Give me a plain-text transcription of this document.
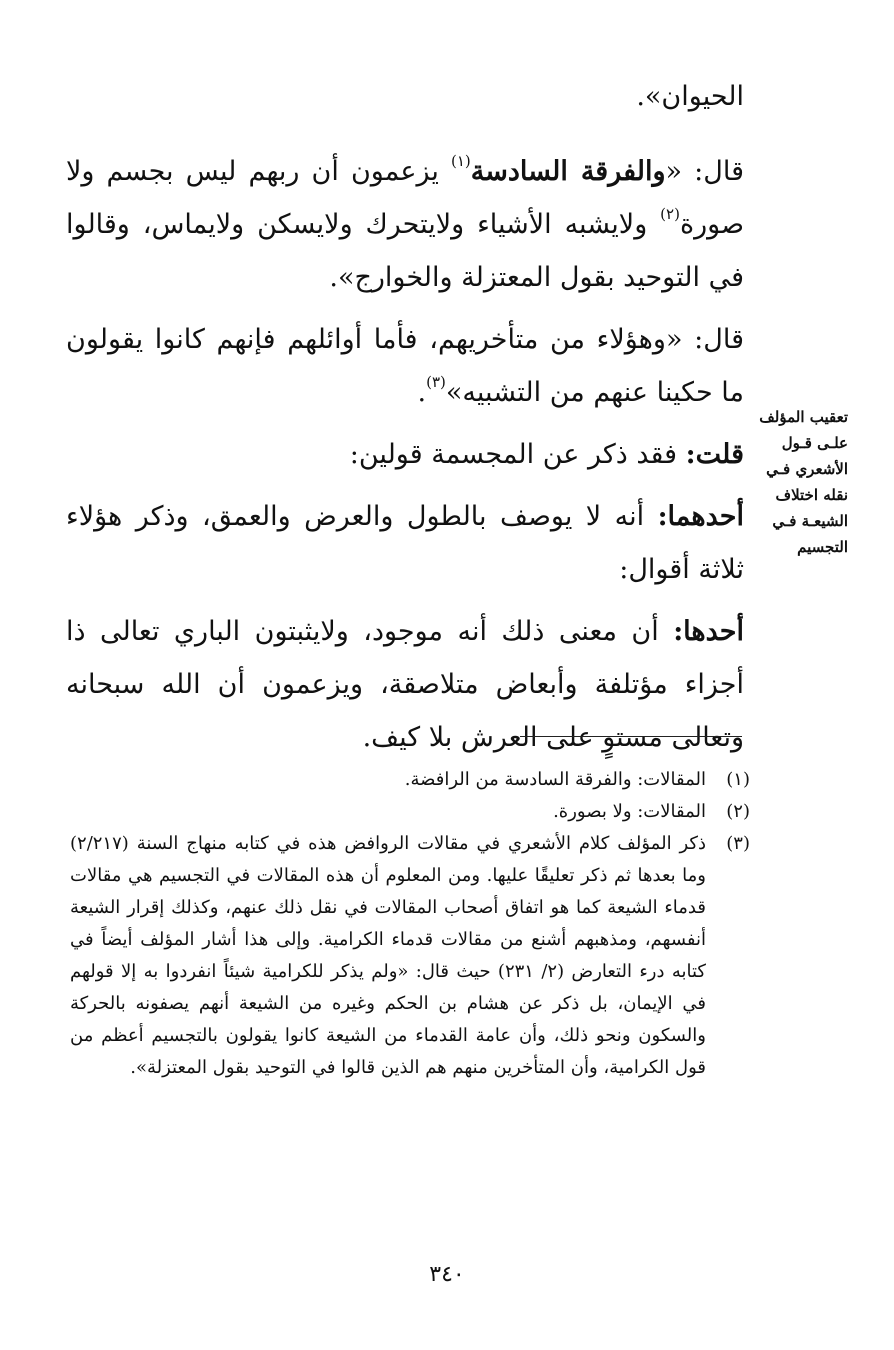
الحيوان».

قال: «والفرقة السادسة$^{(١)}$ يزعمون أن ربهم ليس بجسم ولا صورة$^{(٢)}$ ولايشبه الأشياء ولايتحرك ولايسكن ولايماس، وقالوا في التوحيد بقول المعتزلة والخوارج».

قال: «وهؤلاء من متأخريهم، فأما أوائلهم فإنهم كانوا يقولون ما حكينا عنهم من التشبيه»$^{(٣)}$.

قلت: فقد ذكر عن المجسمة قولين:

أحدهما: أنه لا يوصف بالطول والعرض والعمق، وذكر هؤلاء ثلاثة أقوال:

أحدها: أن معنى ذلك أنه موجود، ولايثبتون الباري تعالى ذا أجزاء مؤتلفة وأبعاض متلاصقة، ويزعمون أن الله سبحانه وتعالى مستوٍ على العرش بلا كيف.

تعقيب المؤلف
علـى قـول
الأشعري فـي
نقله اختلاف
الشيعـة فـي
التجسيم
(١)
المقالات: والفرقة السادسة من الرافضة.
(٢)
المقالات: ولا بصورة.
(٣)
ذكر المؤلف كلام الأشعري في مقالات الروافض هذه في كتابه منهاج السنة (٢/٢١٧) وما بعدها ثم ذكر تعليقًا عليها. ومن المعلوم أن هذه المقالات في التجسيم هي مقالات قدماء الشيعة كما هو اتفاق أصحاب المقالات في نقل ذلك عنهم، وكذلك إقرار الشيعة أنفسهم، ومذهبهم أشنع من مقالات قدماء الكرامية. وإلى هذا أشار المؤلف أيضاً في كتابه درء التعارض (٢/ ٢٣١) حيث قال: «ولم يذكر للكرامية شيئاً انفردوا به إلا قولهم في الإيمان، بل ذكر عن هشام بن الحكم وغيره من الشيعة أنهم يصفونه بالحركة والسكون ونحو ذلك، وأن عامة القدماء من الشيعة كانوا يقولون بالتجسيم أعظم من قول الكرامية، وأن المتأخرين منهم هم الذين قالوا في التوحيد بقول المعتزلة».
٣٤٠
